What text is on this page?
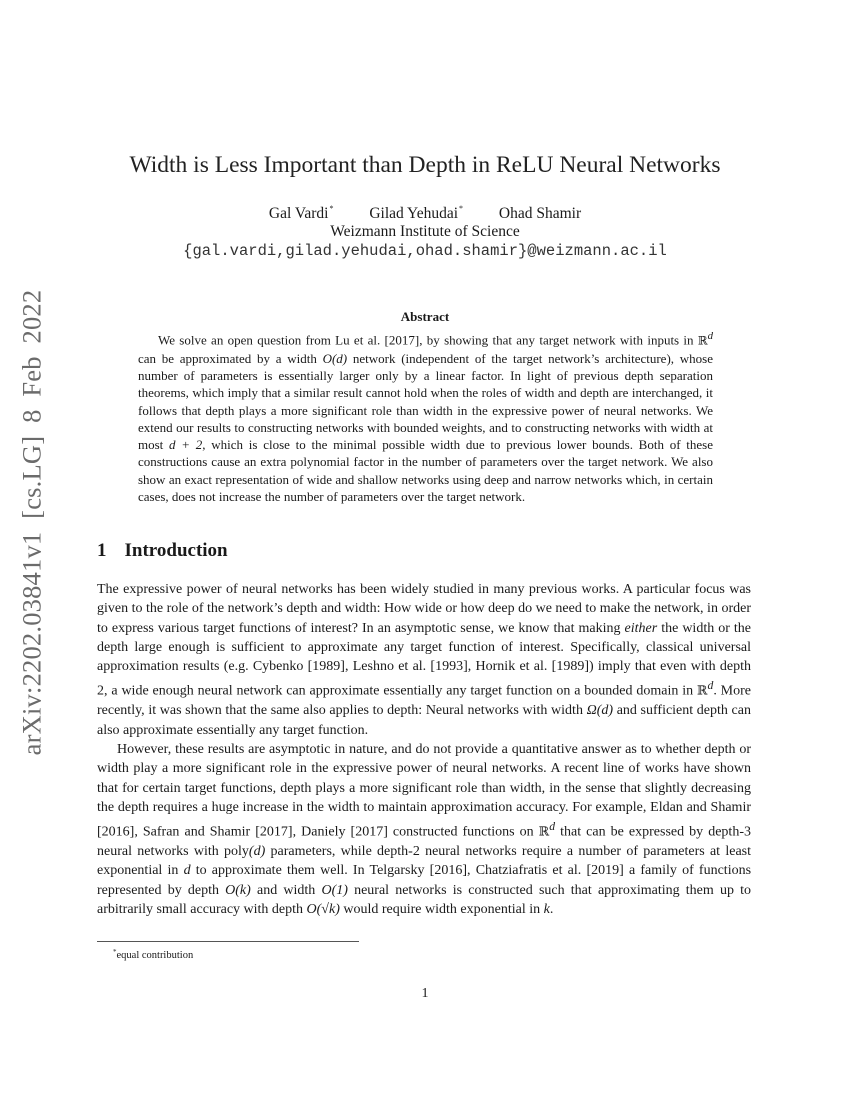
arXiv:2202.03841v1 [cs.LG] 8 Feb 2022
Width is Less Important than Depth in ReLU Neural Networks
Gal Vardi* Gilad Yehudai* Ohad Shamir
Weizmann Institute of Science
{gal.vardi,gilad.yehudai,ohad.shamir}@weizmann.ac.il
Abstract

We solve an open question from Lu et al. [2017], by showing that any target network with inputs in ℝ$^d$ can be approximated by a width O(d) network (independent of the target network’s architecture), whose number of parameters is essentially larger only by a linear factor. In light of previous depth separation theorems, which imply that a similar result cannot hold when the roles of width and depth are interchanged, it follows that depth plays a more significant role than width in the expressive power of neural networks. We extend our results to constructing networks with bounded weights, and to constructing networks with width at most d + 2, which is close to the minimal possible width due to previous lower bounds. Both of these constructions cause an extra polynomial factor in the number of parameters over the target network. We also show an exact representation of wide and shallow networks using deep and narrow networks which, in certain cases, does not increase the number of parameters over the target network.

1 Introduction

The expressive power of neural networks has been widely studied in many previous works. A particular focus was given to the role of the network’s depth and width: How wide or how deep do we need to make the network, in order to express various target functions of interest? In an asymptotic sense, we know that making either the width or the depth large enough is sufficient to approximate any target function of interest. Specifically, classical universal approximation results (e.g. Cybenko [1989], Leshno et al. [1993], Hornik et al. [1989]) imply that even with depth 2, a wide enough neural network can approximate essentially any target function on a bounded domain in ℝ$^d$. More recently, it was shown that the same also applies to depth: Neural networks with width Ω(d) and sufficient depth can also approximate essentially any target function.

However, these results are asymptotic in nature, and do not provide a quantitative answer as to whether depth or width play a more significant role in the expressive power of neural networks. A recent line of works have shown that for certain target functions, depth plays a more significant role than width, in the sense that slightly decreasing the depth requires a huge increase in the width to maintain approximation accuracy. For example, Eldan and Shamir [2016], Safran and Shamir [2017], Daniely [2017] constructed functions on ℝ$^d$ that can be expressed by depth-3 neural networks with poly(d) parameters, while depth-2 neural networks require a number of parameters at least exponential in d to approximate them well. In Telgarsky [2016], Chatziafratis et al. [2019] a family of functions represented by depth O(k) and width O(1) neural networks is constructed such that approximating them up to arbitrarily small accuracy with depth O(√k) would require width exponential in k.

*equal contribution
1
